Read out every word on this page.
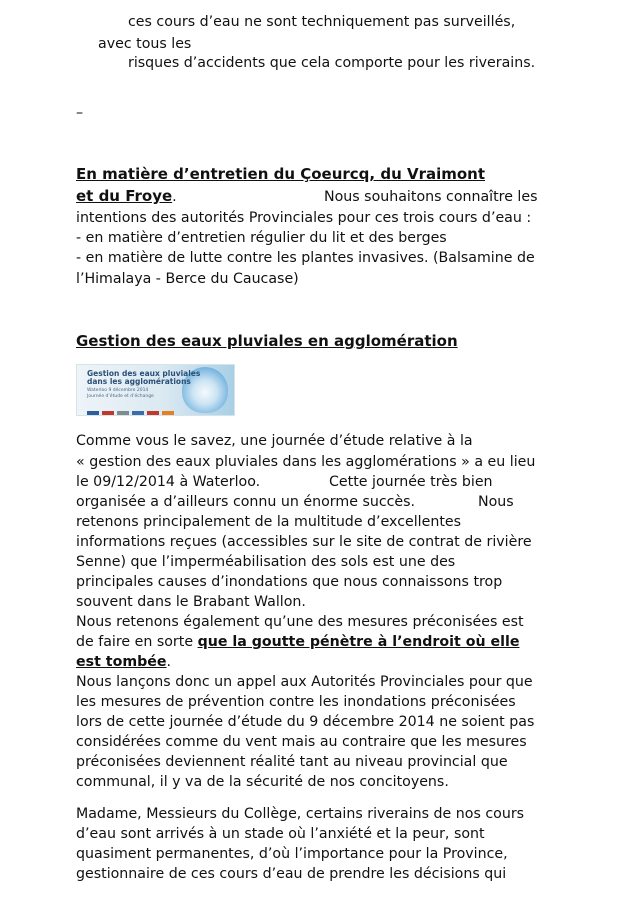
ces cours d’eau ne sont techniquement pas surveillés,
avec tous les
risques d’accidents que cela comporte pour les riverains.
–
En matière d’entretien du Çoeurcq, du Vraimont
et du Froye.	Nous souhaitons connaître les
intentions des autorités Provinciales pour ces trois cours d’eau :
- en matière d’entretien régulier du lit et des berges
- en matière de lutte contre les plantes invasives. (Balsamine de
l’Himalaya - Berce du Caucase)
Gestion des eaux pluviales en agglomération
Gestion des eaux pluviales
dans les agglomérations
Waterloo 9 décembre 2014
Journée d’étude et d’échange
Comme vous le savez, une journée d’étude relative à la
« gestion des eaux pluviales dans les agglomérations » a eu lieu
le 09/12/2014 à Waterloo.	Cette journée très bien
organisée a d’ailleurs connu un énorme succès.	Nous
retenons principalement de la multitude d’excellentes
informations reçues (accessibles sur le site de contrat de rivière
Senne) que l’imperméabilisation des sols est une des
principales causes d’inondations que nous connaissons trop
souvent dans le Brabant Wallon.
Nous retenons également qu’une des mesures préconisées est
de faire en sorte que la goutte pénètre à l’endroit où elle
est tombée.
Nous lançons donc un appel aux Autorités Provinciales pour que
les mesures de prévention contre les inondations préconisées
lors de cette journée d’étude du 9 décembre 2014 ne soient pas
considérées comme du vent mais au contraire que les mesures
préconisées deviennent réalité tant au niveau provincial que
communal, il y va de la sécurité de nos concitoyens.
Madame, Messieurs du Collège, certains riverains de nos cours
d’eau sont arrivés à un stade où l’anxiété et la peur, sont
quasiment permanentes, d’où l’importance pour la Province,
gestionnaire de ces cours d’eau de prendre les décisions qui
